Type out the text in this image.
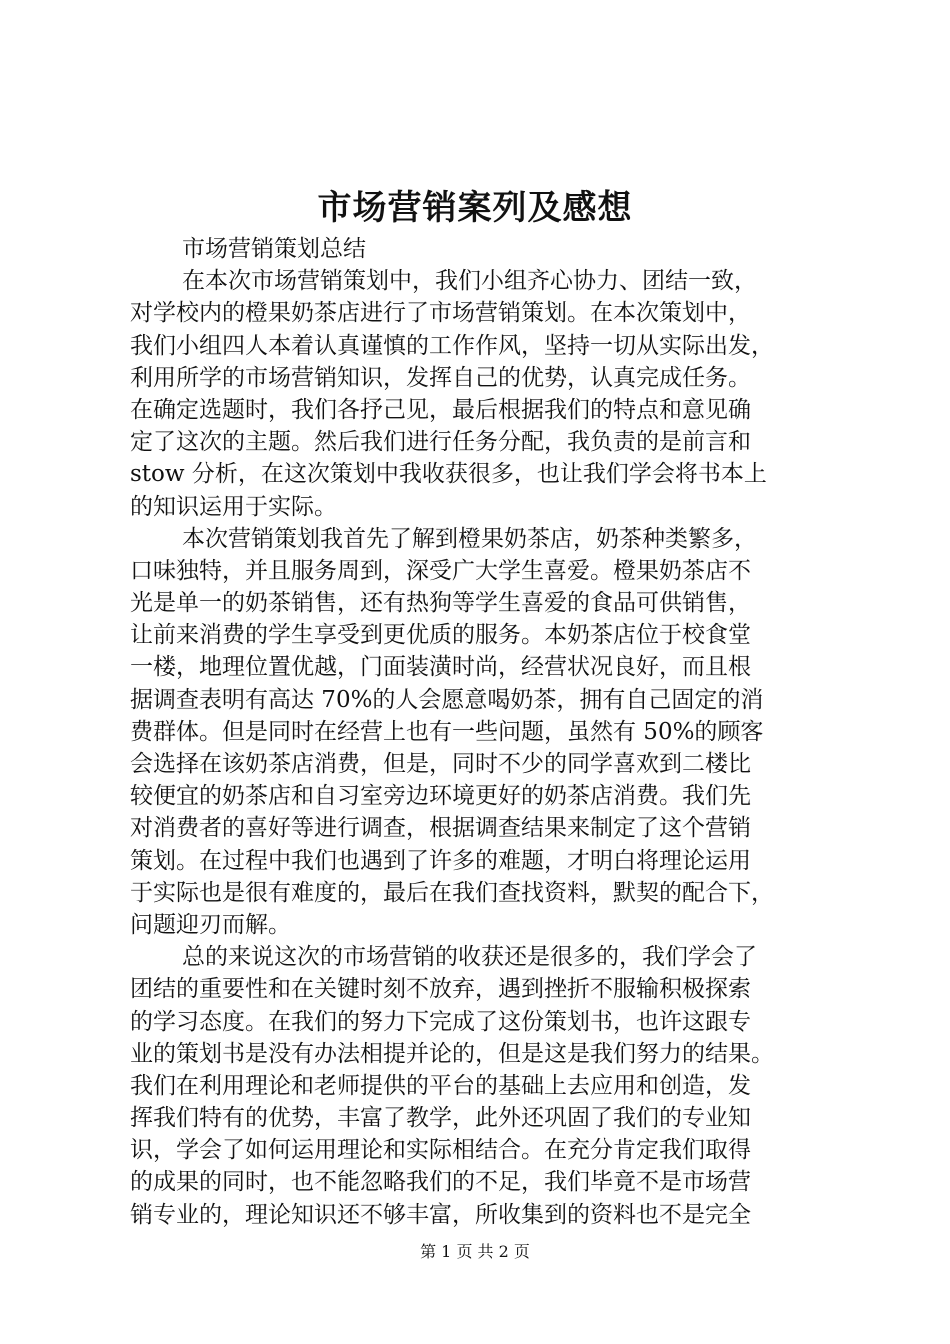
市场营销案列及感想
市场营销策划总结
在本次市场营销策划中，我们小组齐心协力、团结一致，
对学校内的橙果奶茶店进行了市场营销策划。在本次策划中，
我们小组四人本着认真谨慎的工作作风，坚持一切从实际出发，
利用所学的市场营销知识，发挥自己的优势，认真完成任务。
在确定选题时，我们各抒己见，最后根据我们的特点和意见确
定了这次的主题。然后我们进行任务分配，我负责的是前言和
stow 分析，在这次策划中我收获很多，也让我们学会将书本上
的知识运用于实际。
本次营销策划我首先了解到橙果奶茶店，奶茶种类繁多，
口味独特，并且服务周到，深受广大学生喜爱。橙果奶茶店不
光是单一的奶茶销售，还有热狗等学生喜爱的食品可供销售，
让前来消费的学生享受到更优质的服务。本奶茶店位于校食堂
一楼，地理位置优越，门面装潢时尚，经营状况良好，而且根
据调查表明有高达 70%的人会愿意喝奶茶，拥有自己固定的消
费群体。但是同时在经营上也有一些问题，虽然有 50%的顾客
会选择在该奶茶店消费，但是，同时不少的同学喜欢到二楼比
较便宜的奶茶店和自习室旁边环境更好的奶茶店消费。我们先
对消费者的喜好等进行调查，根据调查结果来制定了这个营销
策划。在过程中我们也遇到了许多的难题，才明白将理论运用
于实际也是很有难度的，最后在我们查找资料，默契的配合下，
问题迎刃而解。
总的来说这次的市场营销的收获还是很多的，我们学会了
团结的重要性和在关键时刻不放弃，遇到挫折不服输积极探索
的学习态度。在我们的努力下完成了这份策划书，也许这跟专
业的策划书是没有办法相提并论的，但是这是我们努力的结果。
我们在利用理论和老师提供的平台的基础上去应用和创造，发
挥我们特有的优势，丰富了教学，此外还巩固了我们的专业知
识，学会了如何运用理论和实际相结合。在充分肯定我们取得
的成果的同时，也不能忽略我们的不足，我们毕竟不是市场营
销专业的，理论知识还不够丰富，所收集到的资料也不是完全
第 1 页 共 2 页
